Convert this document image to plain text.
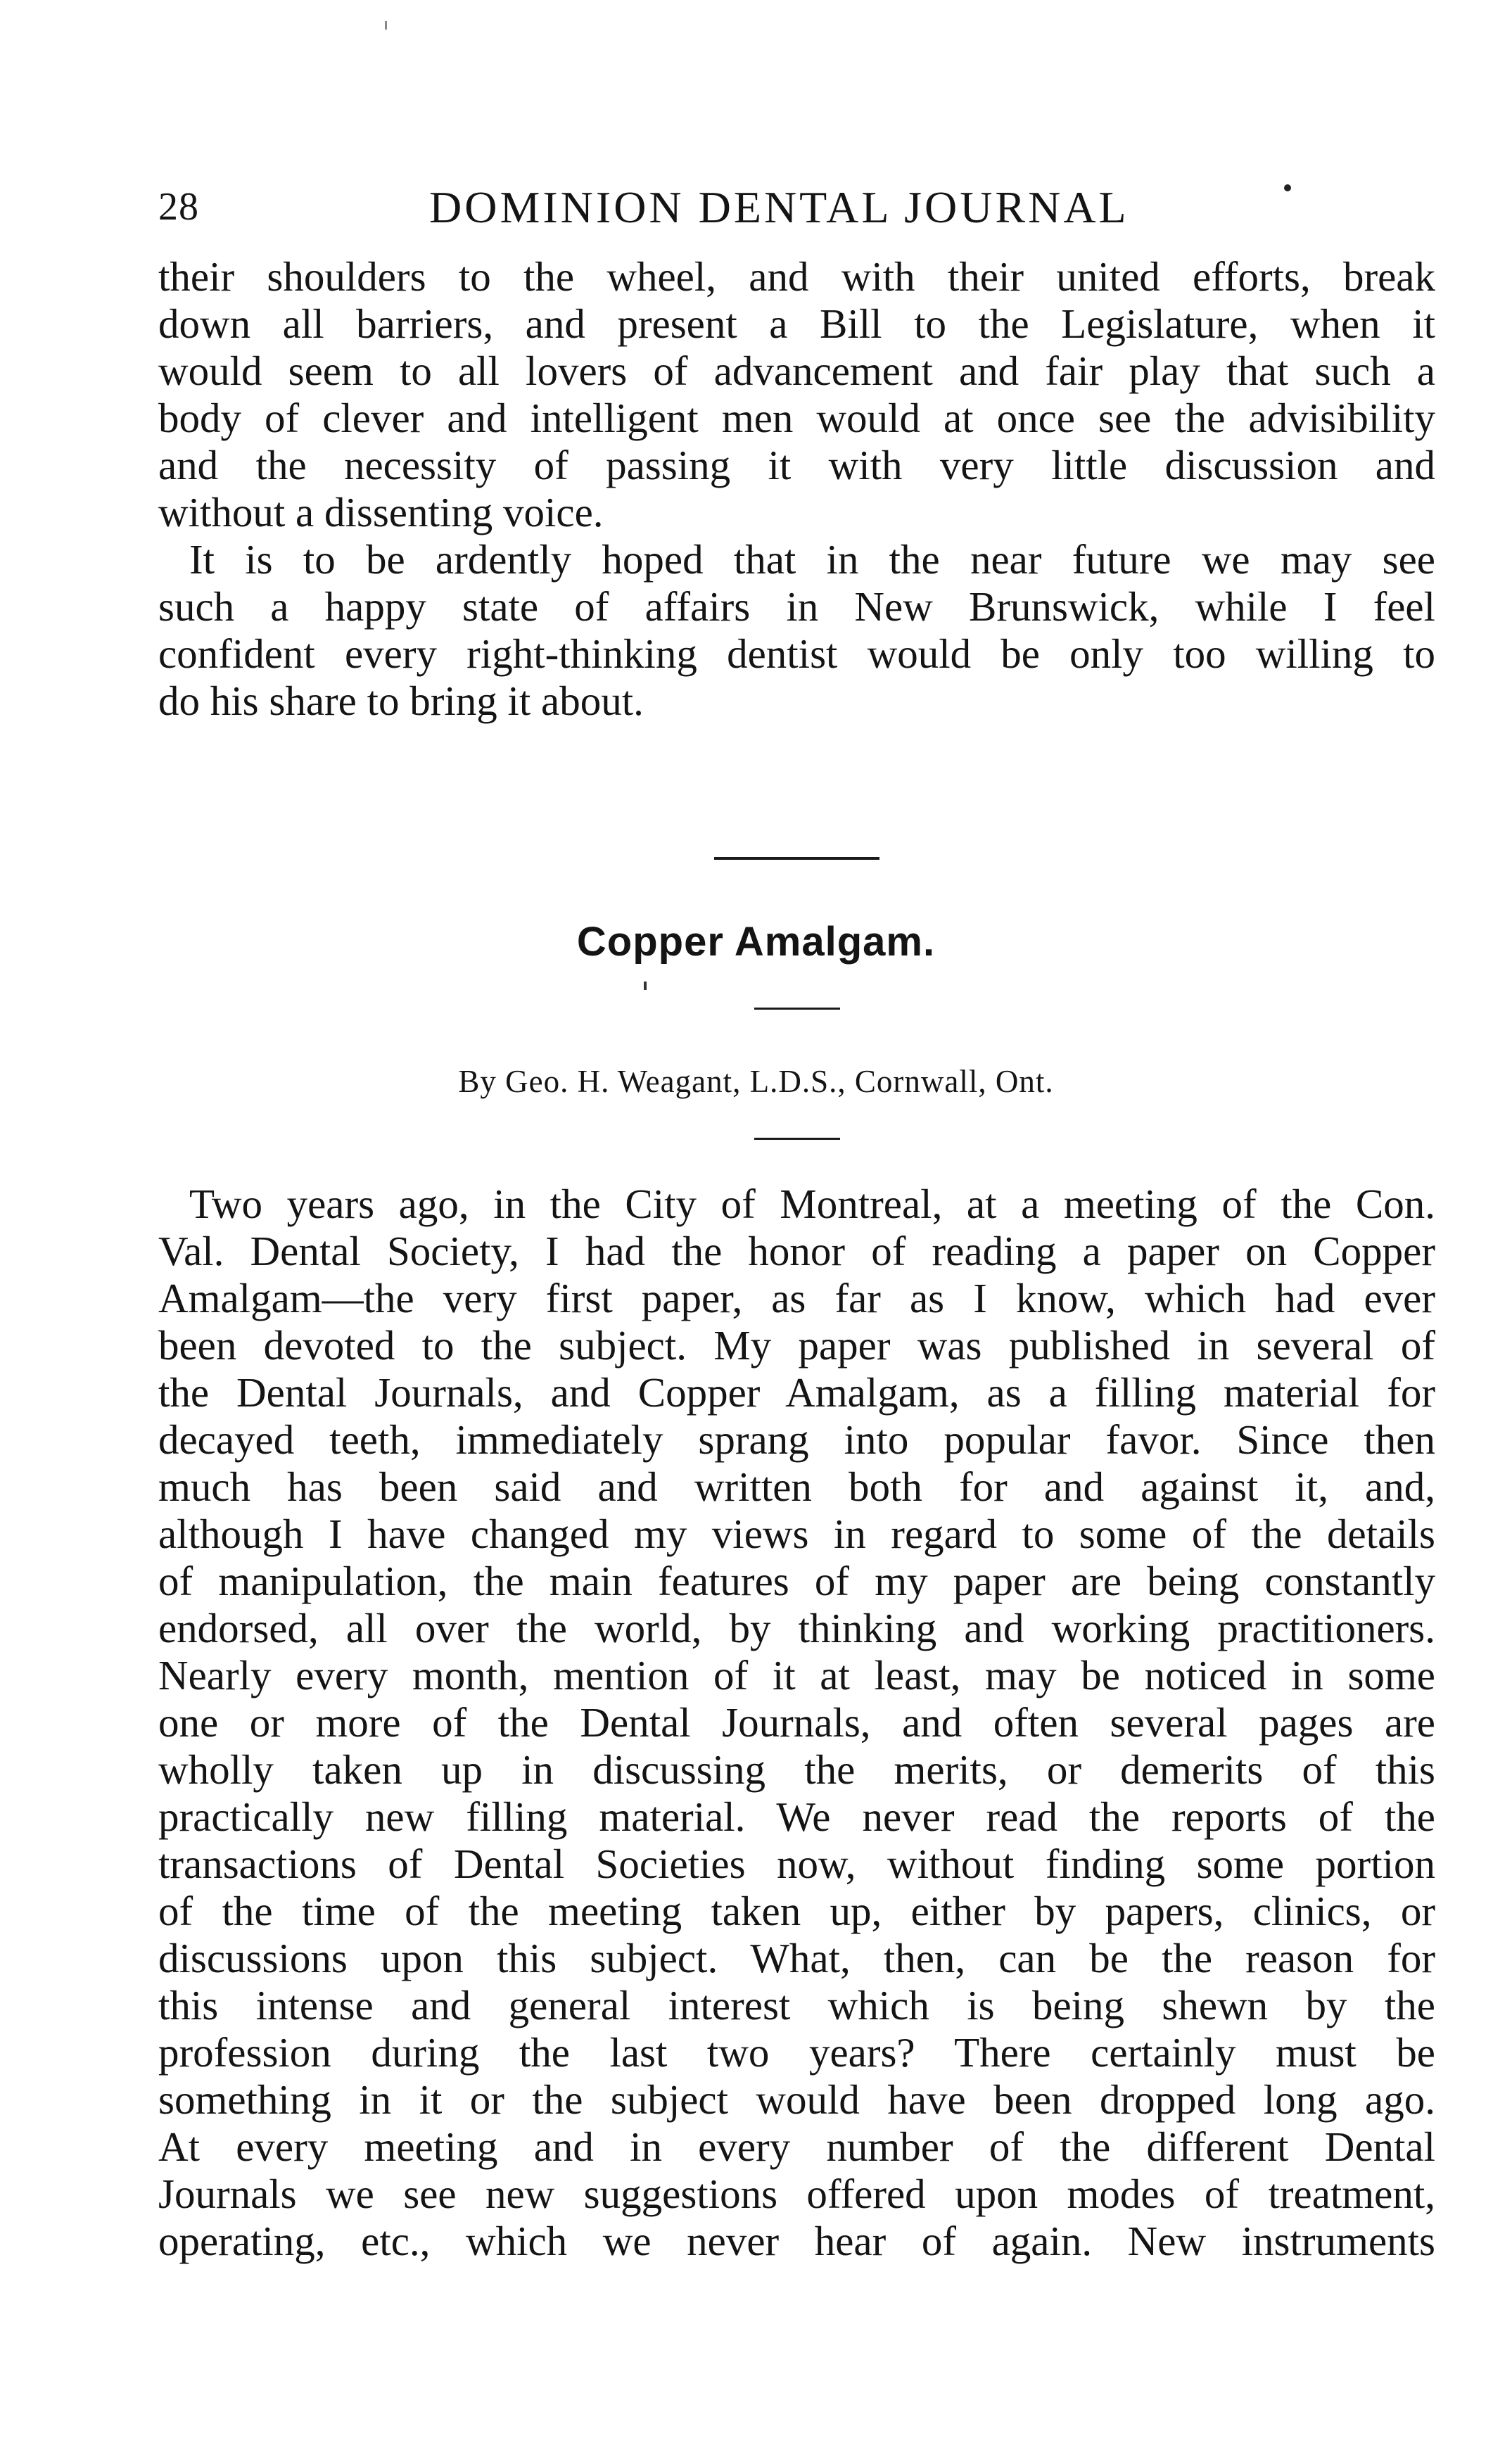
28	DOMINION DENTAL JOURNAL
their shoulders to the wheel, and with their united efforts, break
down all barriers, and present a Bill to the Legislature, when it
would seem to all lovers of advancement and fair play that such a
body of clever and intelligent men would at once see the advisibility
and the necessity of passing it with very little discussion and
without a dissenting voice.
It is to be ardently hoped that in the near future we may see
such a happy state of affairs in New Brunswick, while I feel
confident every right-thinking dentist would be only too willing to
do his share to bring it about.
Copper Amalgam.
By Geo. H. Weagant, L.D.S., Cornwall, Ont.
Two years ago, in the City of Montreal, at a meeting of the Con.
Val. Dental Society, I had the honor of reading a paper on Copper
Amalgam—the very first paper, as far as I know, which had ever
been devoted to the subject. My paper was published in several of
the Dental Journals, and Copper Amalgam, as a filling material for
decayed teeth, immediately sprang into popular favor. Since then
much has been said and written both for and against it, and,
although I have changed my views in regard to some of the details
of manipulation, the main features of my paper are being constantly
endorsed, all over the world, by thinking and working practitioners.
Nearly every month, mention of it at least, may be noticed in some
one or more of the Dental Journals, and often several pages are
wholly taken up in discussing the merits, or demerits of this
practically new filling material. We never read the reports of the
transactions of Dental Societies now, without finding some portion
of the time of the meeting taken up, either by papers, clinics, or
discussions upon this subject. What, then, can be the reason for
this intense and general interest which is being shewn by the
profession during the last two years? There certainly must be
something in it or the subject would have been dropped long ago.
At every meeting and in every number of the different Dental
Journals we see new suggestions offered upon modes of treatment,
operating, etc., which we never hear of again. New instruments
